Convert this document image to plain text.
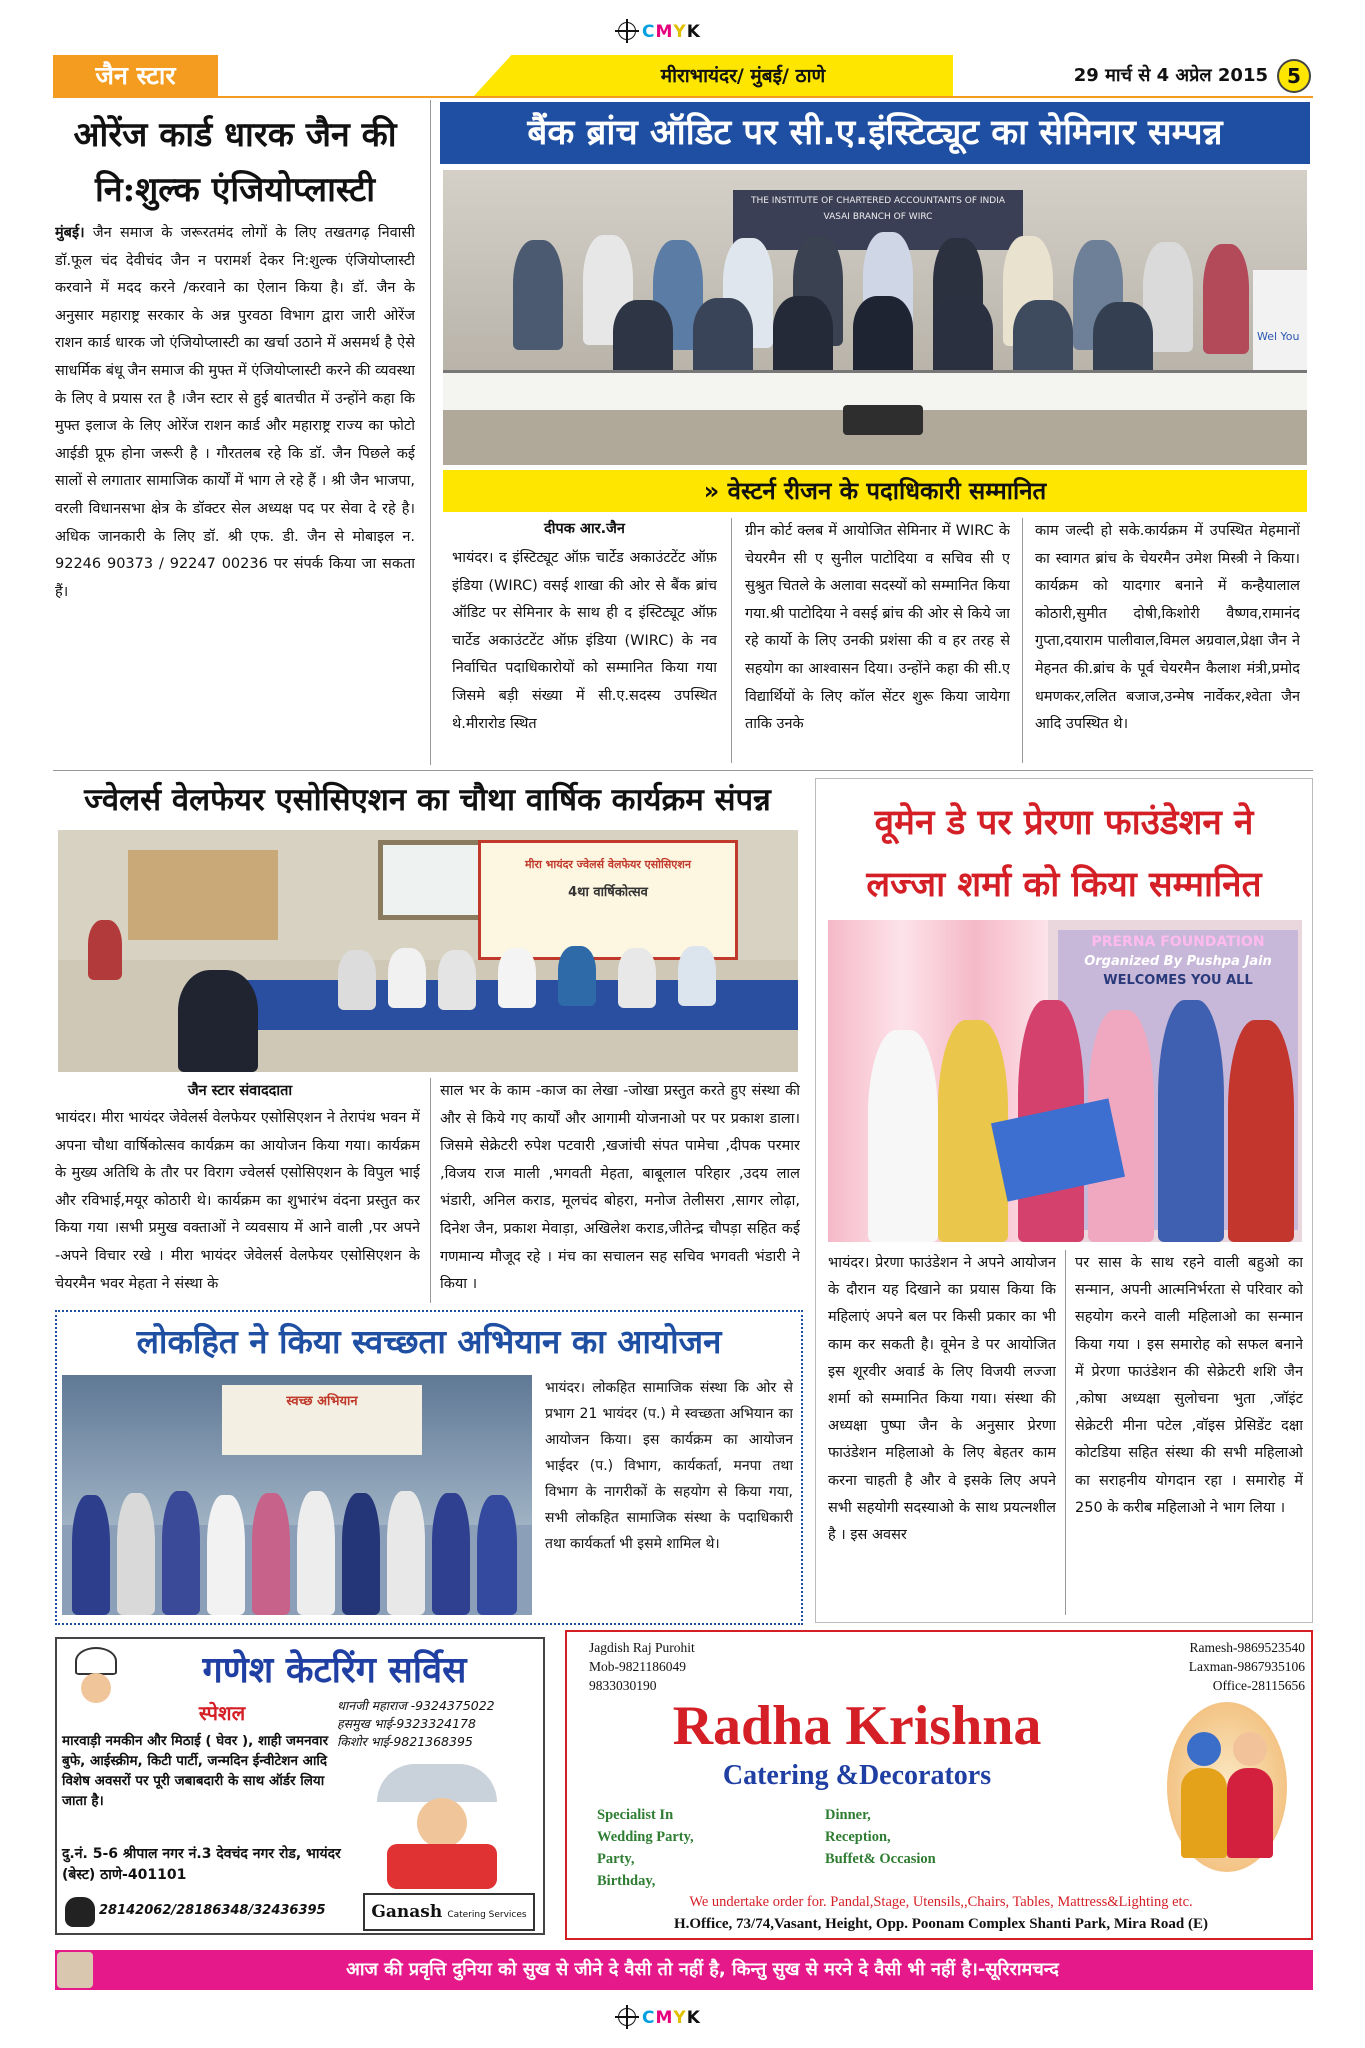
CMYK
जैन स्टार	मीराभायंदर/ मुंबई/ ठाणे	29 मार्च से 4 अप्रेल 2015 5
ओरेंज कार्ड धारक जैन की
नि:शुल्क एंजियोप्लास्टी
मुंबई। जैन समाज के जरूरतमंद लोगों के लिए तखतगढ़ निवासी डॉ.फूल चंद देवीचंद जैन न परामर्श देकर नि:शुल्क एंजियोप्लास्टी करवाने में मदद करने /करवाने का ऐलान किया है। डॉ. जैन के अनुसार महाराष्ट्र सरकार के अन्न पुरवठा विभाग द्वारा जारी ओरेंज राशन कार्ड धारक जो एंजियोप्लास्टी का खर्चा उठाने में असमर्थ है ऐसे साधर्मिक बंधू जैन समाज की मुफ्त में एंजियोप्लास्टी करने की व्यवस्था के लिए वे प्रयास रत है ।जैन स्टार से हुई बातचीत में उन्होंने कहा कि मुफ्त इलाज के लिए ओरेंज राशन कार्ड और महाराष्ट्र राज्य का फोटो आईडी प्रूफ होना जरूरी है । गौरतलब रहे कि डॉ. जैन पिछले कई सालों से लगातार सामाजिक कार्यों में भाग ले रहे हैं । श्री जैन भाजपा, वरली विधानसभा क्षेत्र के डॉक्टर सेल अध्यक्ष पद पर सेवा दे रहे है। अधिक जानकारी के लिए डॉ. श्री एफ. डी. जैन से मोबाइल न. 92246 90373 / 92247 00236 पर संपर्क किया जा सकता हैं।
बैंक ब्रांच ऑडिट पर सी.ए.इंस्टिट्यूट का सेमिनार सम्पन्न
THE INSTITUTE OF CHARTERED ACCOUNTANTS OF INDIA
VASAI BRANCH OF WIRC
Wel You
» वेस्टर्न रीजन के पदाधिकारी सम्मानित
दीपक आर.जैन
भायंदर। द इंस्टिट्यूट ऑफ़ चार्टेड अकाउंटटेंट ऑफ़ इंडिया (WIRC) वसई शाखा की ओर से बैंक ब्रांच ऑडिट पर सेमिनार के साथ ही द इंस्टिट्यूट ऑफ़ चार्टेड अकाउंटटेंट ऑफ़ इंडिया (WIRC) के नव निर्वाचित पदाधिकारोयों को सम्मानित किया गया जिसमे बड़ी संख्या में सी.ए.सदस्य उपस्थित थे.मीरारोड स्थित
ग्रीन कोर्ट क्लब में आयोजित सेमिनार में WIRC के चेयरमैन सी ए सुनील पाटोदिया व सचिव सी ए सुश्रुत चितले के अलावा सदस्यों को सम्मानित किया गया.श्री पाटोदिया ने वसई ब्रांच की ओर से किये जा रहे कार्यो के लिए उनकी प्रशंसा की व हर तरह से सहयोग का आश्वासन दिया। उन्होंने कहा की सी.ए विद्यार्थियों के लिए कॉल सेंटर शुरू किया जायेगा ताकि उनके
काम जल्दी हो सके.कार्यक्रम में उपस्थित मेहमानों का स्वागत ब्रांच के चेयरमैन उमेश मिस्त्री ने किया। कार्यक्रम को यादगार बनाने में कन्हैयालाल कोठारी,सुमीत दोषी,किशोरी वैष्णव,रामानंद गुप्ता,दयाराम पालीवाल,विमल अग्रवाल,प्रेक्षा जैन ने मेहनत की.ब्रांच के पूर्व चेयरमैन कैलाश मंत्री,प्रमोद धमणकर,ललित बजाज,उन्मेष नार्वेकर,श्वेता जैन आदि उपस्थित थे।
ज्वेलर्स वेलफेयर एसोसिएशन का चौथा वार्षिक कार्यक्रम संपन्न
मीरा भायंदर ज्वेलर्स वेलफेयर एसोसिएशन
4था वार्षिकोत्सव
जैन स्टार संवाददाता
भायंदर। मीरा भायंदर जेवेलर्स वेलफेयर एसोसिएशन ने तेरापंथ भवन में अपना चौथा वार्षिकोत्सव कार्यक्रम का आयोजन किया गया। कार्यक्रम के मुख्य अतिथि के तौर पर विराग ज्वेलर्स एसोसिएशन के विपुल भाई और रविभाई,मयूर कोठारी थे। कार्यक्रम का शुभारंभ वंदना प्रस्तुत कर किया गया ।सभी प्रमुख वक्ताओं ने व्यवसाय में आने वाली ,पर अपने -अपने विचार रखे । मीरा भायंदर जेवेलर्स वेलफेयर एसोसिएशन के चेयरमैन भवर मेहता ने संस्था के
साल भर के काम -काज का लेखा -जोखा प्रस्तुत करते हुए संस्था की और से किये गए कार्यों और आगामी योजनाओ पर पर प्रकाश डाला। जिसमे सेक्रेटरी रुपेश पटवारी ,खजांची संपत पामेचा ,दीपक परमार ,विजय राज माली ,भगवती मेहता, बाबूलाल परिहार ,उदय लाल भंडारी, अनिल कराड, मूलचंद बोहरा, मनोज तेलीसरा ,सागर लोढ़ा, दिनेश जैन, प्रकाश मेवाड़ा, अखिलेश कराड,जीतेन्द्र चौपड़ा सहित कई गणमान्य मौजूद रहे । मंच का सचालन सह सचिव भगवती भंडारी ने किया ।
वूमेन डे पर प्रेरणा फाउंडेशन ने
लज्जा शर्मा को किया सम्मानित
PRERNA FOUNDATION
Organized By Pushpa Jain
WELCOMES YOU ALL
भायंदर। प्रेरणा फाउंडेशन ने अपने आयोजन के दौरान यह दिखाने का प्रयास किया कि महिलाएं अपने बल पर किसी प्रकार का भी काम कर सकती है। वूमेन डे पर आयोजित इस शूरवीर अवार्ड के लिए विजयी लज्जा शर्मा को सम्मानित किया गया। संस्था की अध्यक्षा पुष्पा जैन के अनुसार प्रेरणा फाउंडेशन महिलाओ के लिए बेहतर काम करना चाहती है और वे इसके लिए अपने सभी सहयोगी सदस्याओ के साथ प्रयत्नशील है । इस अवसर
पर सास के साथ रहने वाली बहुओ का सन्मान, अपनी आत्मनिर्भरता से परिवार को सहयोग करने वाली महिलाओ का सन्मान किया गया । इस समारोह को सफल बनाने में प्रेरणा फाउंडेशन की सेक्रेटरी शशि जैन ,कोषा अध्यक्षा सुलोचना भुता ,जॉइंट सेक्रेटरी मीना पटेल ,वॉइस प्रेसिडेंट दक्षा कोटडिया सहित संस्था की सभी महिलाओ का सराहनीय योगदान रहा । समारोह में 250 के करीब महिलाओ ने भाग लिया ।
लोकहित ने किया स्वच्छता अभियान का आयोजन
स्वच्छ अभियान
भायंदर। लोकहित सामाजिक संस्था कि ओर से प्रभाग 21 भायंदर (प.) मे स्वच्छता अभियान का आयोजन किया। इस कार्यक्रम का आयोजन भाईदर (प.) विभाग, कार्यकर्ता, मनपा तथा विभाग के नागरीकों के सहयोग से किया गया, सभी लोकहित सामाजिक संस्था के पदाधिकारी तथा कार्यकर्ता भी इसमे शामिल थे।
गणेश केटरिंग सर्विस
स्पेशल	थानजी महाराज -9324375022
हसमुख भाई-9323324178
किशोर भाई-9821368395
मारवाड़ी नमकीन और मिठाई ( घेवर ), शाही जमनवार बुफे, आईस्क्रीम, किटी पार्टी, जन्मदिन ईन्वीटेशन आदि विशेष अवसरों पर पूरी जबाबदारी के साथ ऑर्डर लिया जाता है।
दु.नं. 5-6 श्रीपाल नगर नं.3 देवचंद नगर रोड, भायंदर (बेस्ट) ठाणे-401101
28142062/28186348/32436395	Ganash Catering Services
Jagdish Raj Purohit
Mob-9821186049
9833030190
Ramesh-9869523540
Laxman-9867935106
Office-28115656
Radha Krishna
Catering &Decorators
Specialist In
Wedding Party,
Party,
Birthday,
Dinner,
Reception,
Buffet& Occasion
We undertake order for. Pandal,Stage, Utensils,,Chairs, Tables, Mattress&Lighting etc.
H.Office, 73/74,Vasant, Height, Opp. Poonam Complex Shanti Park, Mira Road (E)
आज की प्रवृत्ति दुनिया को सुख से जीने दे वैसी तो नहीं है, किन्तु सुख से मरने दे वैसी भी नहीं है।-सूरिरामचन्द
CMYK
